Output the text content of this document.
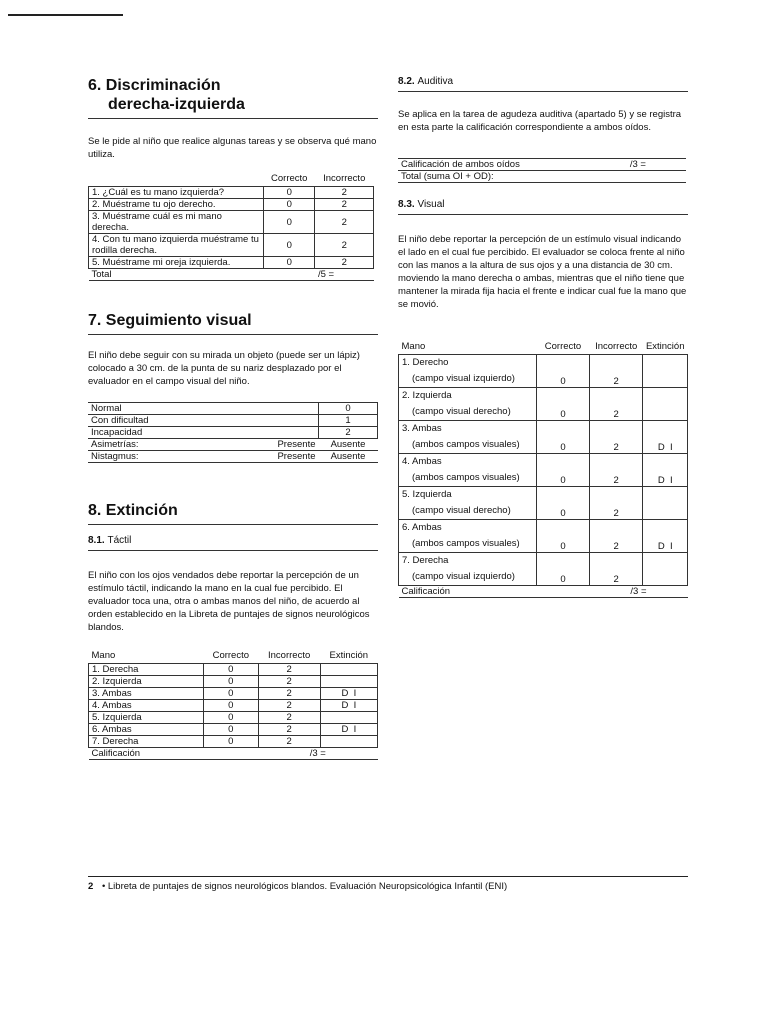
6. Discriminación
derecha-izquierda

Se le pide al niño que realice algunas tareas y se observa qué mano utiliza.

	Correcto	Incorrecto
1. ¿Cuál es tu mano izquierda?	0	2
2. Muéstrame tu ojo derecho.	0	2
3. Muéstrame cuál es mi mano derecha.	0	2
4. Con tu mano izquierda muéstrame tu rodilla derecha.	0	2
5. Muéstrame mi oreja izquierda.	0	2
Total		/5 =
7. Seguimiento visual

El niño debe seguir con su mirada un objeto (puede ser un lápiz) colocado a 30 cm. de la punta de su nariz desplazado por el evaluador en el campo visual del niño.

Normal		0
Con dificultad		1
Incapacidad		2
Asimetrías:	Presente	Ausente
Nistagmus:	Presente	Ausente
8. Extinción
8.1. Táctil

El niño con los ojos vendados debe reportar la percepción de un estímulo táctil, indicando la mano en la cual fue percibido. El evaluador toca una, otra o ambas manos del niño, de acuerdo al orden establecido en la Libreta de puntajes de signos neurológicos blandos.

Mano	Correcto	Incorrecto	Extinción
1. Derecha	0	2	
2. Izquierda	0	2	
3. Ambas	0	2	D  I
4. Ambas	0	2	D  I
5. Izquierda	0	2	
6. Ambas	0	2	D  I
7. Derecha	0	2	
Calificación		/3 =	
8.2. Auditiva

Se aplica en la tarea de agudeza auditiva (apartado 5) y se registra en esta parte la calificación correspondiente a ambos oídos.

Calificación de ambos oídos	/3 =
Total (suma OI + OD):
8.3. Visual

El niño debe reportar la percepción de un estímulo visual indicando el lado en el cual fue percibido. El evaluador se coloca frente al niño con las manos a la altura de sus ojos y a una distancia de 30 cm. moviendo la mano derecha o ambas, mientras que el niño tiene que mantener la mirada fija hacia el frente e indicar cual fue la mano que se movió.

Mano	Correcto	Incorrecto	Extinción

1. Derecho
(campo visual izquierdo)	0	2	

2. Izquierda
(campo visual derecho)	0	2	

3. Ambas
(ambos campos visuales)	0	2	D  I

4. Ambas
(ambos campos visuales)	0	2	D  I

5. Izquierda
(campo visual derecho)	0	2	

6. Ambas
(ambos campos visuales)	0	2	D  I

7. Derecha
(campo visual izquierdo)	0	2	
Calificación		/3 =	
2 • Libreta de puntajes de signos neurológicos blandos. Evaluación Neuropsicológica Infantil (ENI)
